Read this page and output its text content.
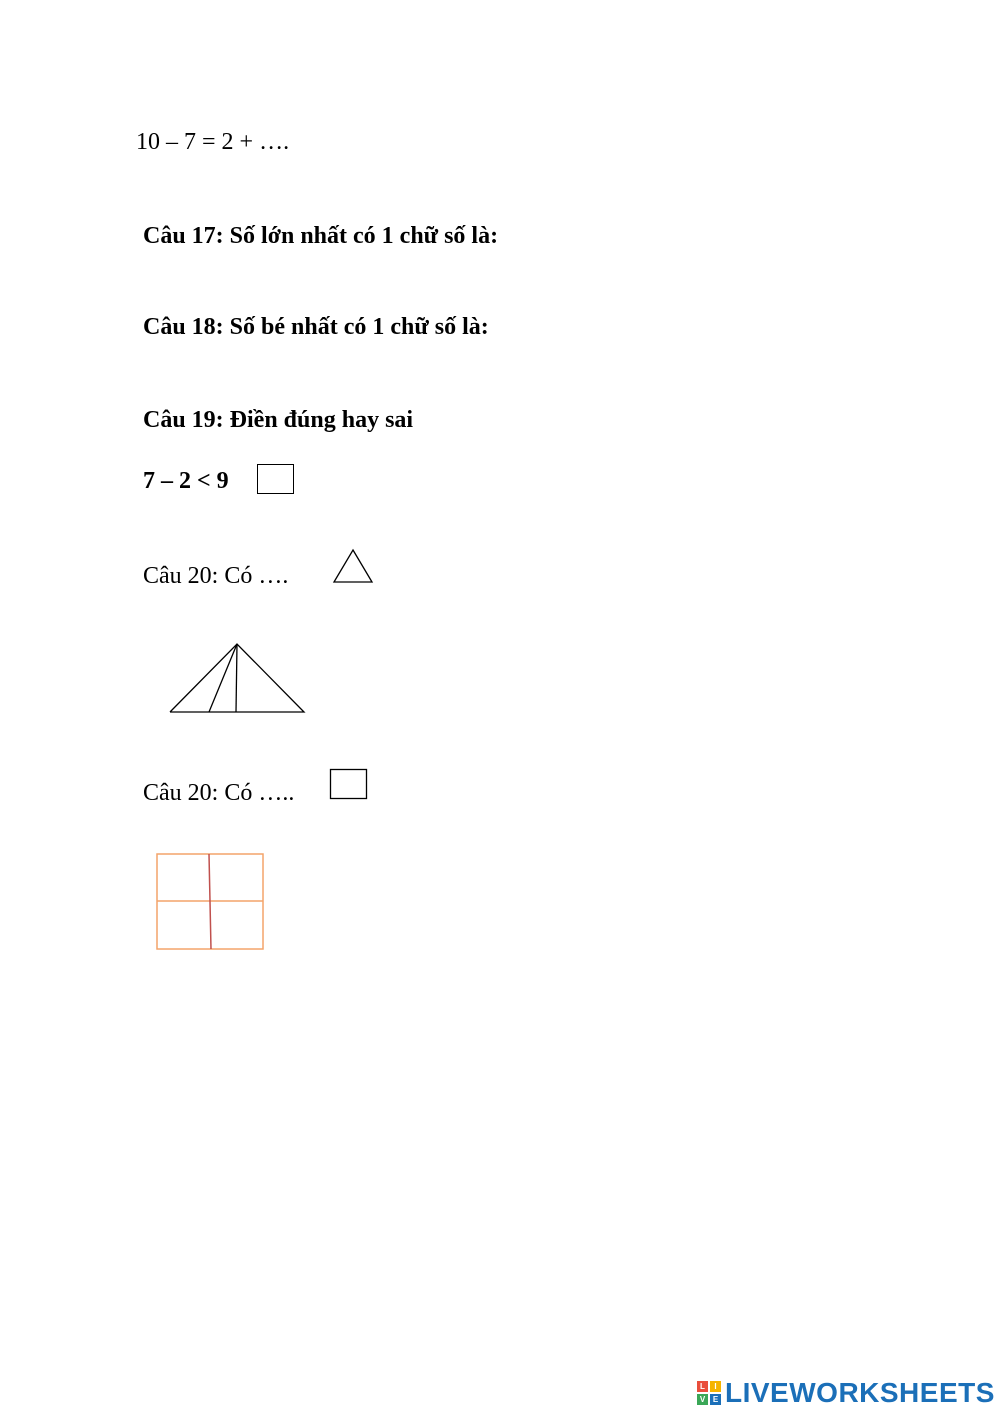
10 – 7 = 2 + ….
Câu 17: Số lớn nhất có 1 chữ số là:
Câu 18: Số bé nhất có 1 chữ số là:
Câu 19: Điền đúng hay sai
7 – 2 < 9
Câu 20: Có ….
Câu 20: Có …..
L	I
V E LIVEWORKSHEETS
